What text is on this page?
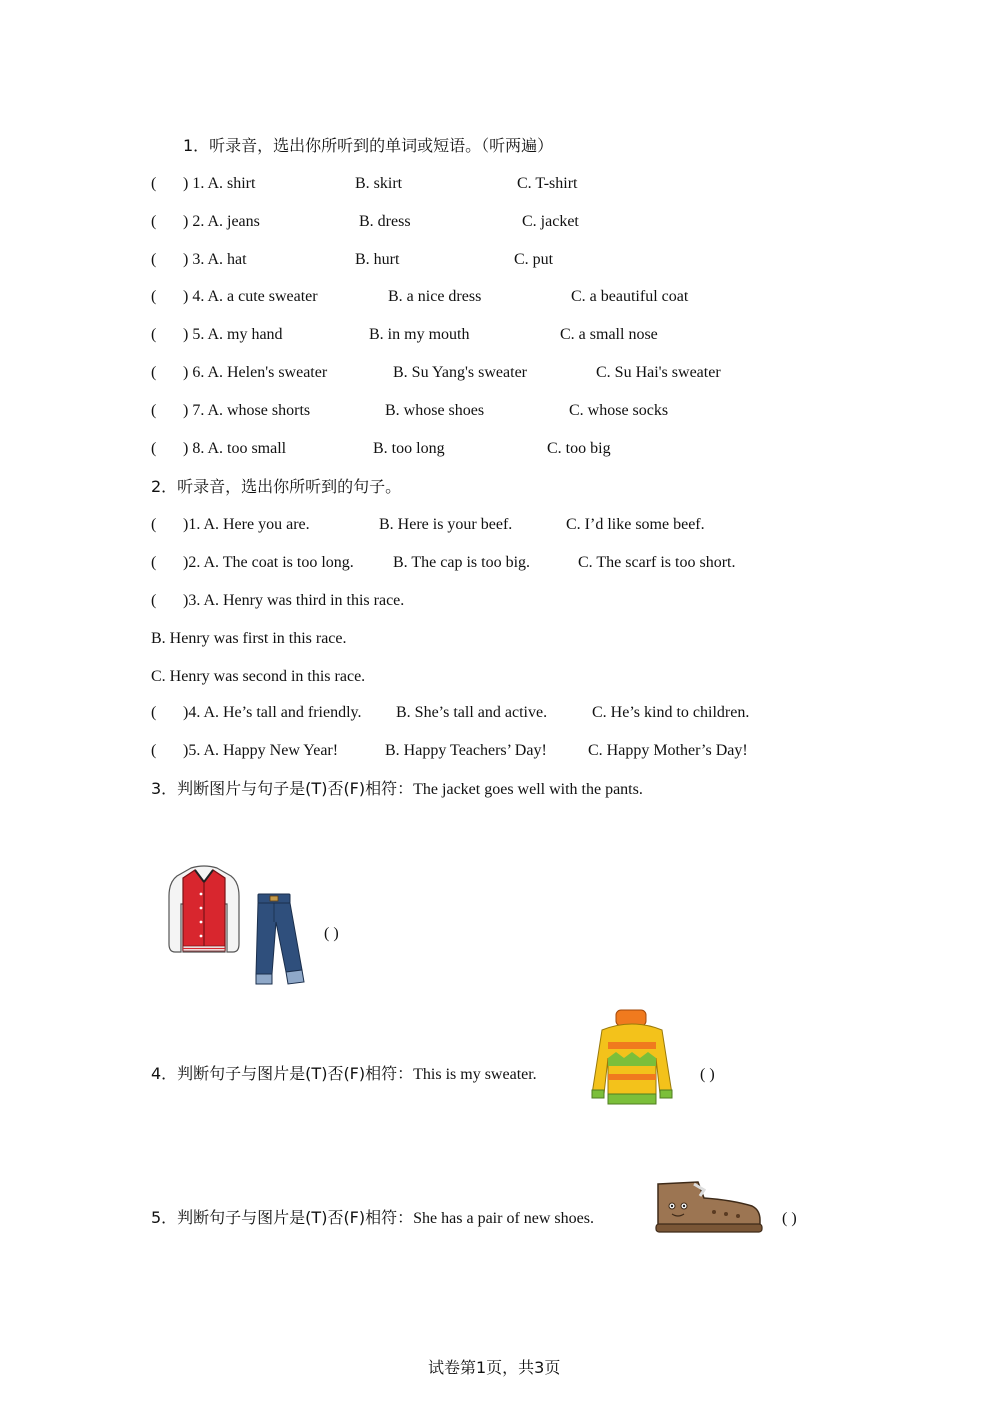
1．听录音，选出你所听到的单词或短语。（听两遍）
( ) 1. A. shirt	B. skirt	C. T-shirt
( ) 2. A. jeans	B. dress	C. jacket
( ) 3. A. hat	B. hurt	C. put
( ) 4. A. a cute sweater	B. a nice dress	C. a beautiful coat
( ) 5. A. my hand	B. in my mouth	C. a small nose
( ) 6. A. Helen's sweater	B. Su Yang's sweater	C. Su Hai's sweater
( ) 7. A. whose shorts	B. whose shoes	C. whose socks
( ) 8. A. too small	B. too long	C. too big
2．听录音，选出你所听到的句子。
( )1. A. Here you are.	B. Here is your beef.	C. I’d like some beef.
( )2. A. The coat is too long. B. The cap is too big.	C. The scarf is too short.
( )3. A. Henry was third in this race.
B. Henry was first in this race.
C. Henry was second in this race.
( )4. A. He’s tall and friendly. B. She’s tall and active.	C. He’s kind to children.
( )5. A. Happy New Year!	B. Happy Teachers’ Day!	C. Happy Mother’s Day!
3．判断图片与句子是(T)否(F)相符：The jacket goes well with the pants.
( )
4．判断句子与图片是(T)否(F)相符：This is my sweater.	( )
5．判断句子与图片是(T)否(F)相符：She has a pair of new shoes.	( )
试卷第1页，共3页
